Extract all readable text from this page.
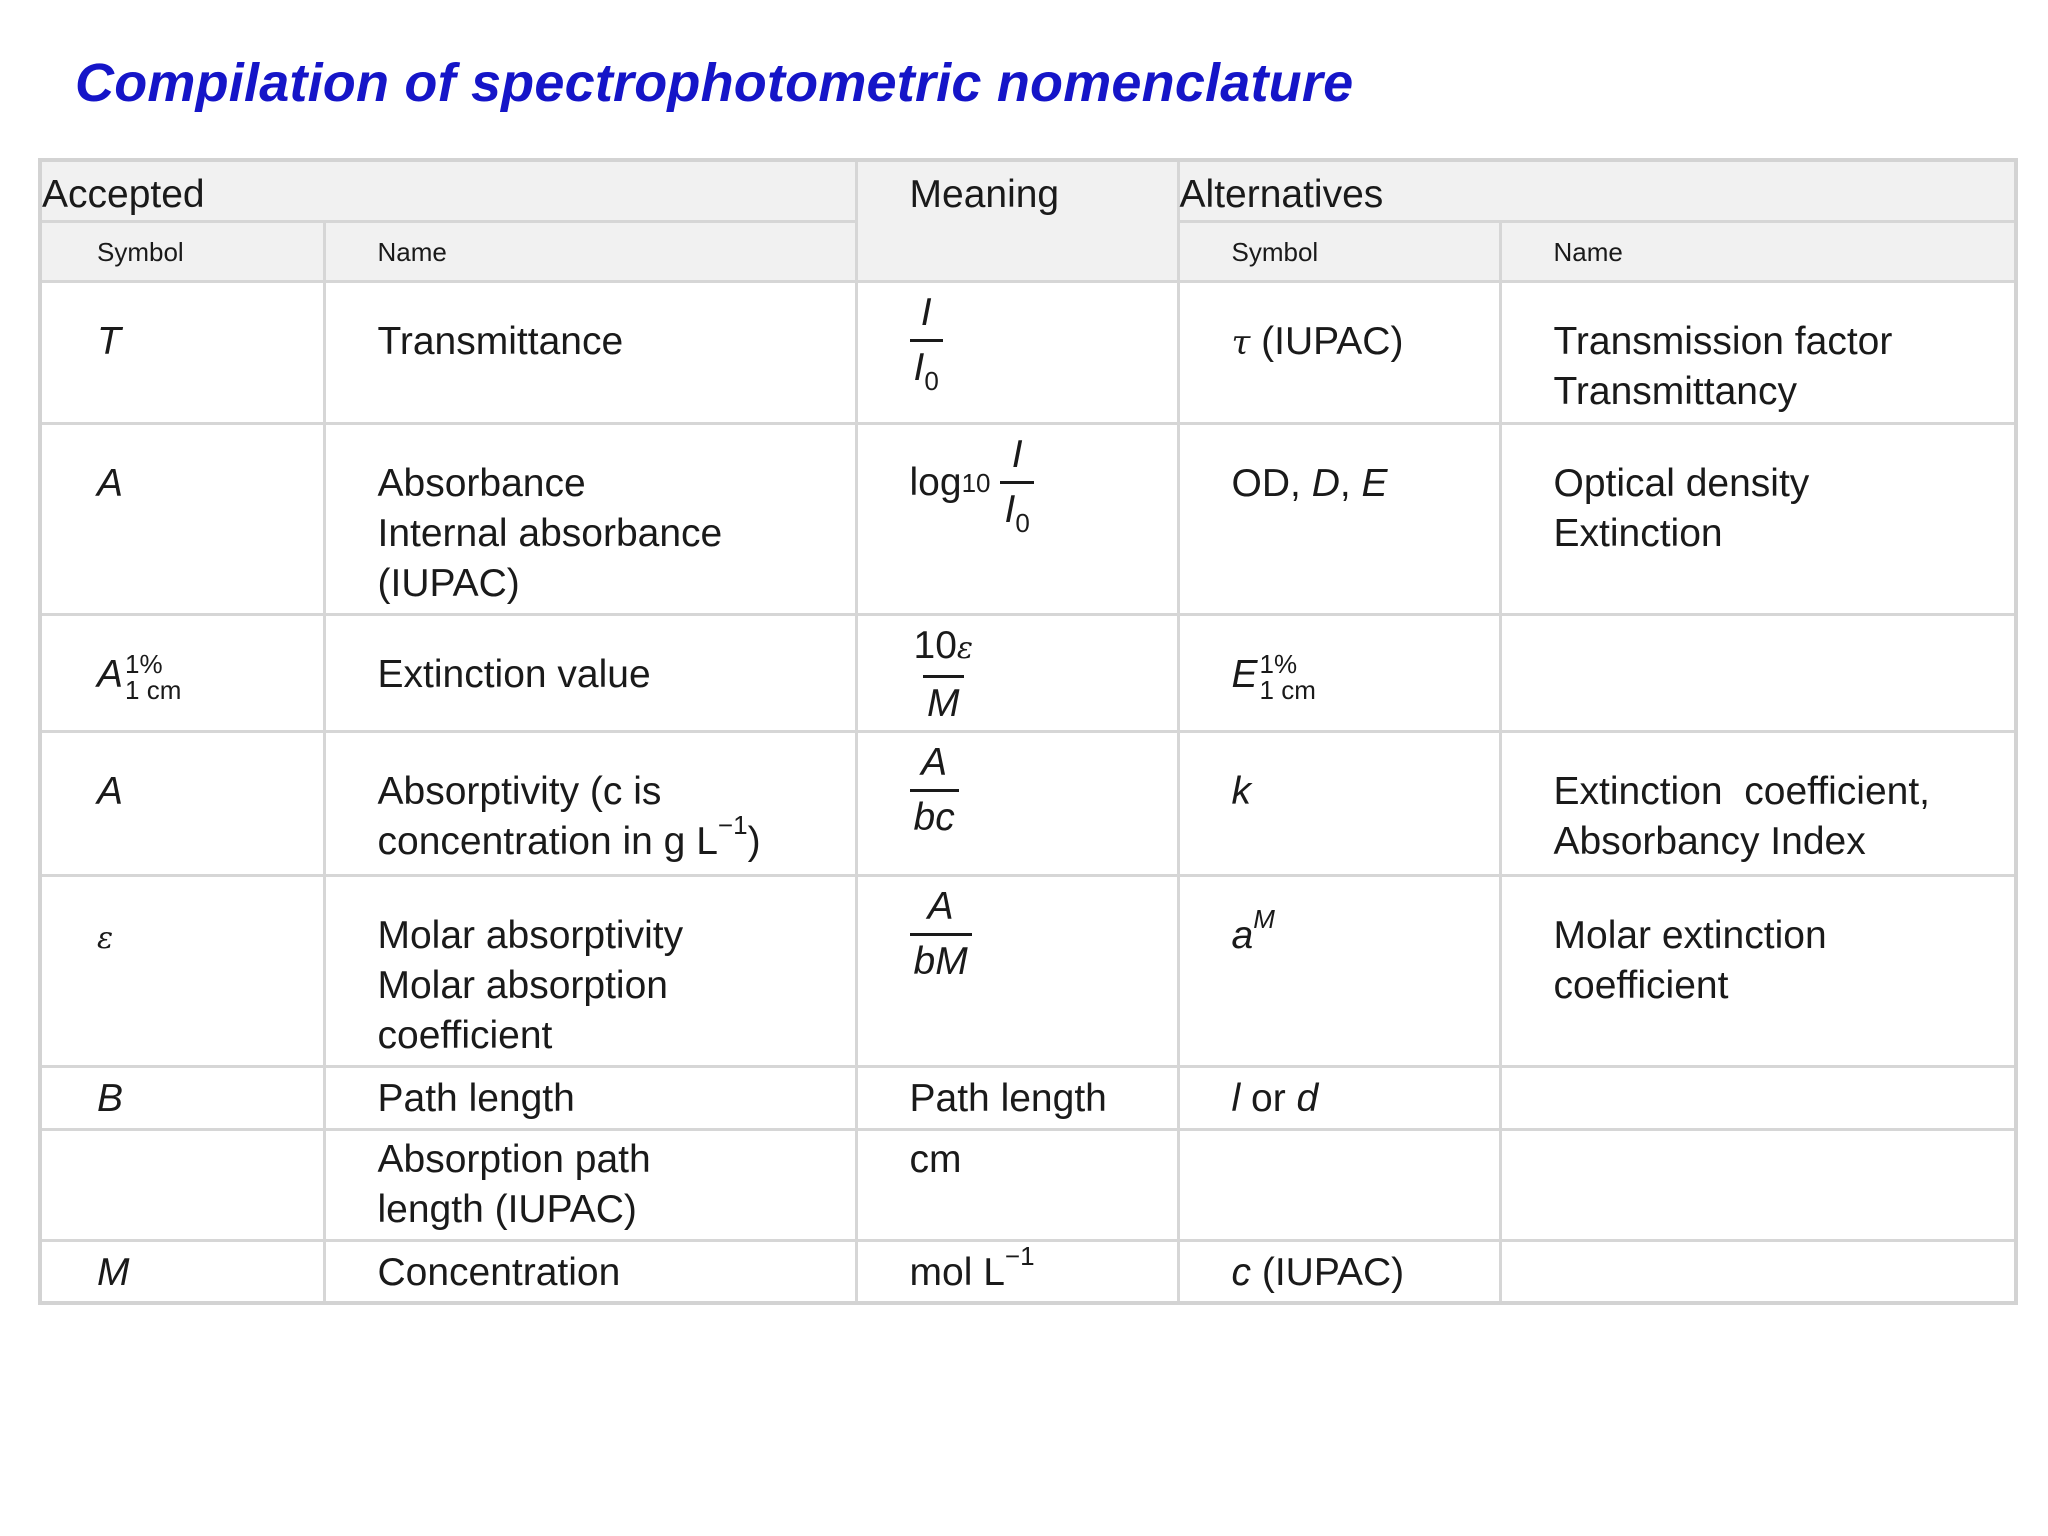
Compilation of spectrophotometric nomenclature
Accepted		Meaning	Alternatives	

Symbol	Name		Symbol	Name

T	Transmittance	$\frac{I}{I_0}$	τ (IUPAC)	Transmission factor
Transmittancy

A	Absorbance
Internal absorbance
(IUPAC)	$\log 10 \frac{I}{I_0}$	OD, D, E	Optical density
Extinction

A 1%
1 cm	Extinction value	$\frac{10\varepsilon}{M}$	E 1%
1 cm	

A	Absorptivity (c is
concentration in g $L^{-1}$)	$\frac{A}{bc}$	k	Extinction  coefficient,
Absorbancy Index

ε	Molar absorptivity
Molar absorption
coefficient	$\frac{A}{bM}$	$a^M$	Molar extinction
coefficient

B	Path length	Path length	l or d	

	Absorption path
length (IUPAC)	cm		

M	Concentration	mol $L^{-1}$	c (IUPAC)	
